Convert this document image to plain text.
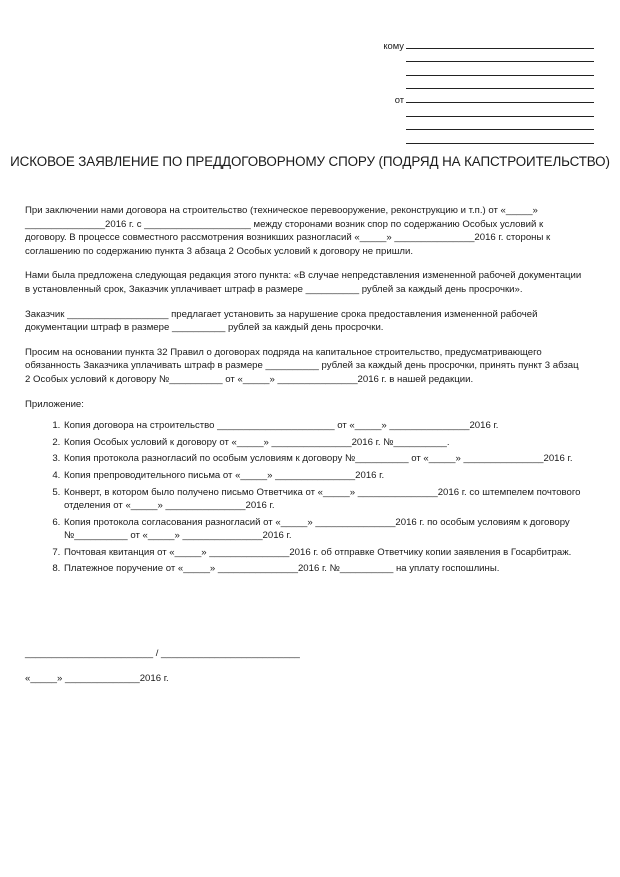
кому
от
ИСКОВОЕ ЗАЯВЛЕНИЕ ПО ПРЕДДОГОВОРНОМУ СПОРУ (ПОДРЯД НА КАПСТРОИТЕЛЬСТВО)

При заключении нами договора на строительство (техническое перевооружение, реконструкцию и т.п.) от «_____» _______________2016 г. с ____________________ между сторонами возник спор по содержанию Особых условий к договору. В процессе совместного рассмотрения возникших разногласий «_____» _______________2016 г. стороны к соглашению по содержанию пункта 3 абзаца 2 Особых условий к договору не пришли.

Нами была предложена следующая редакция этого пункта: «В случае непредставления измененной рабочей документации в установленный срок, Заказчик уплачивает штраф в размере __________ рублей за каждый день просрочки».

Заказчик ___________________ предлагает установить за нарушение срока предоставления измененной рабочей документации штраф в размере __________ рублей за каждый день просрочки.

Просим на основании пункта 32 Правил о договорах подряда на капитальное строительство, предусматривающего обязанность Заказчика уплачивать штраф в размере __________ рублей за каждый день просрочки, принять пункт 3 абзац 2 Особых условий к договору №__________ от «_____» _______________2016 г. в нашей редакции.

Приложение:

1. Копия договора на строительство ______________________ от «_____» _______________2016 г.
2. Копия Особых условий к договору от «_____» _______________2016 г. №__________.
3. Копия протокола разногласий по особым условиям к договору №__________ от «_____» _______________2016 г.
4. Копия препроводительного письма от «_____» _______________2016 г.
5. Конверт, в котором было получено письмо Ответчика от «_____» _______________2016 г. со штемпелем почтового отделения от «_____» _______________2016 г.
6. Копия протокола согласования разногласий от «_____» _______________2016 г. по особым условиям к договору №__________ от «_____» _______________2016 г.
7. Почтовая квитанция от «_____» _______________2016 г. об отправке Ответчику копии заявления в Госарбитраж.
8. Платежное поручение от «_____» _______________2016 г. №__________ на уплату госпошлины.
________________________ / __________________________
«_____» ______________2016 г.
